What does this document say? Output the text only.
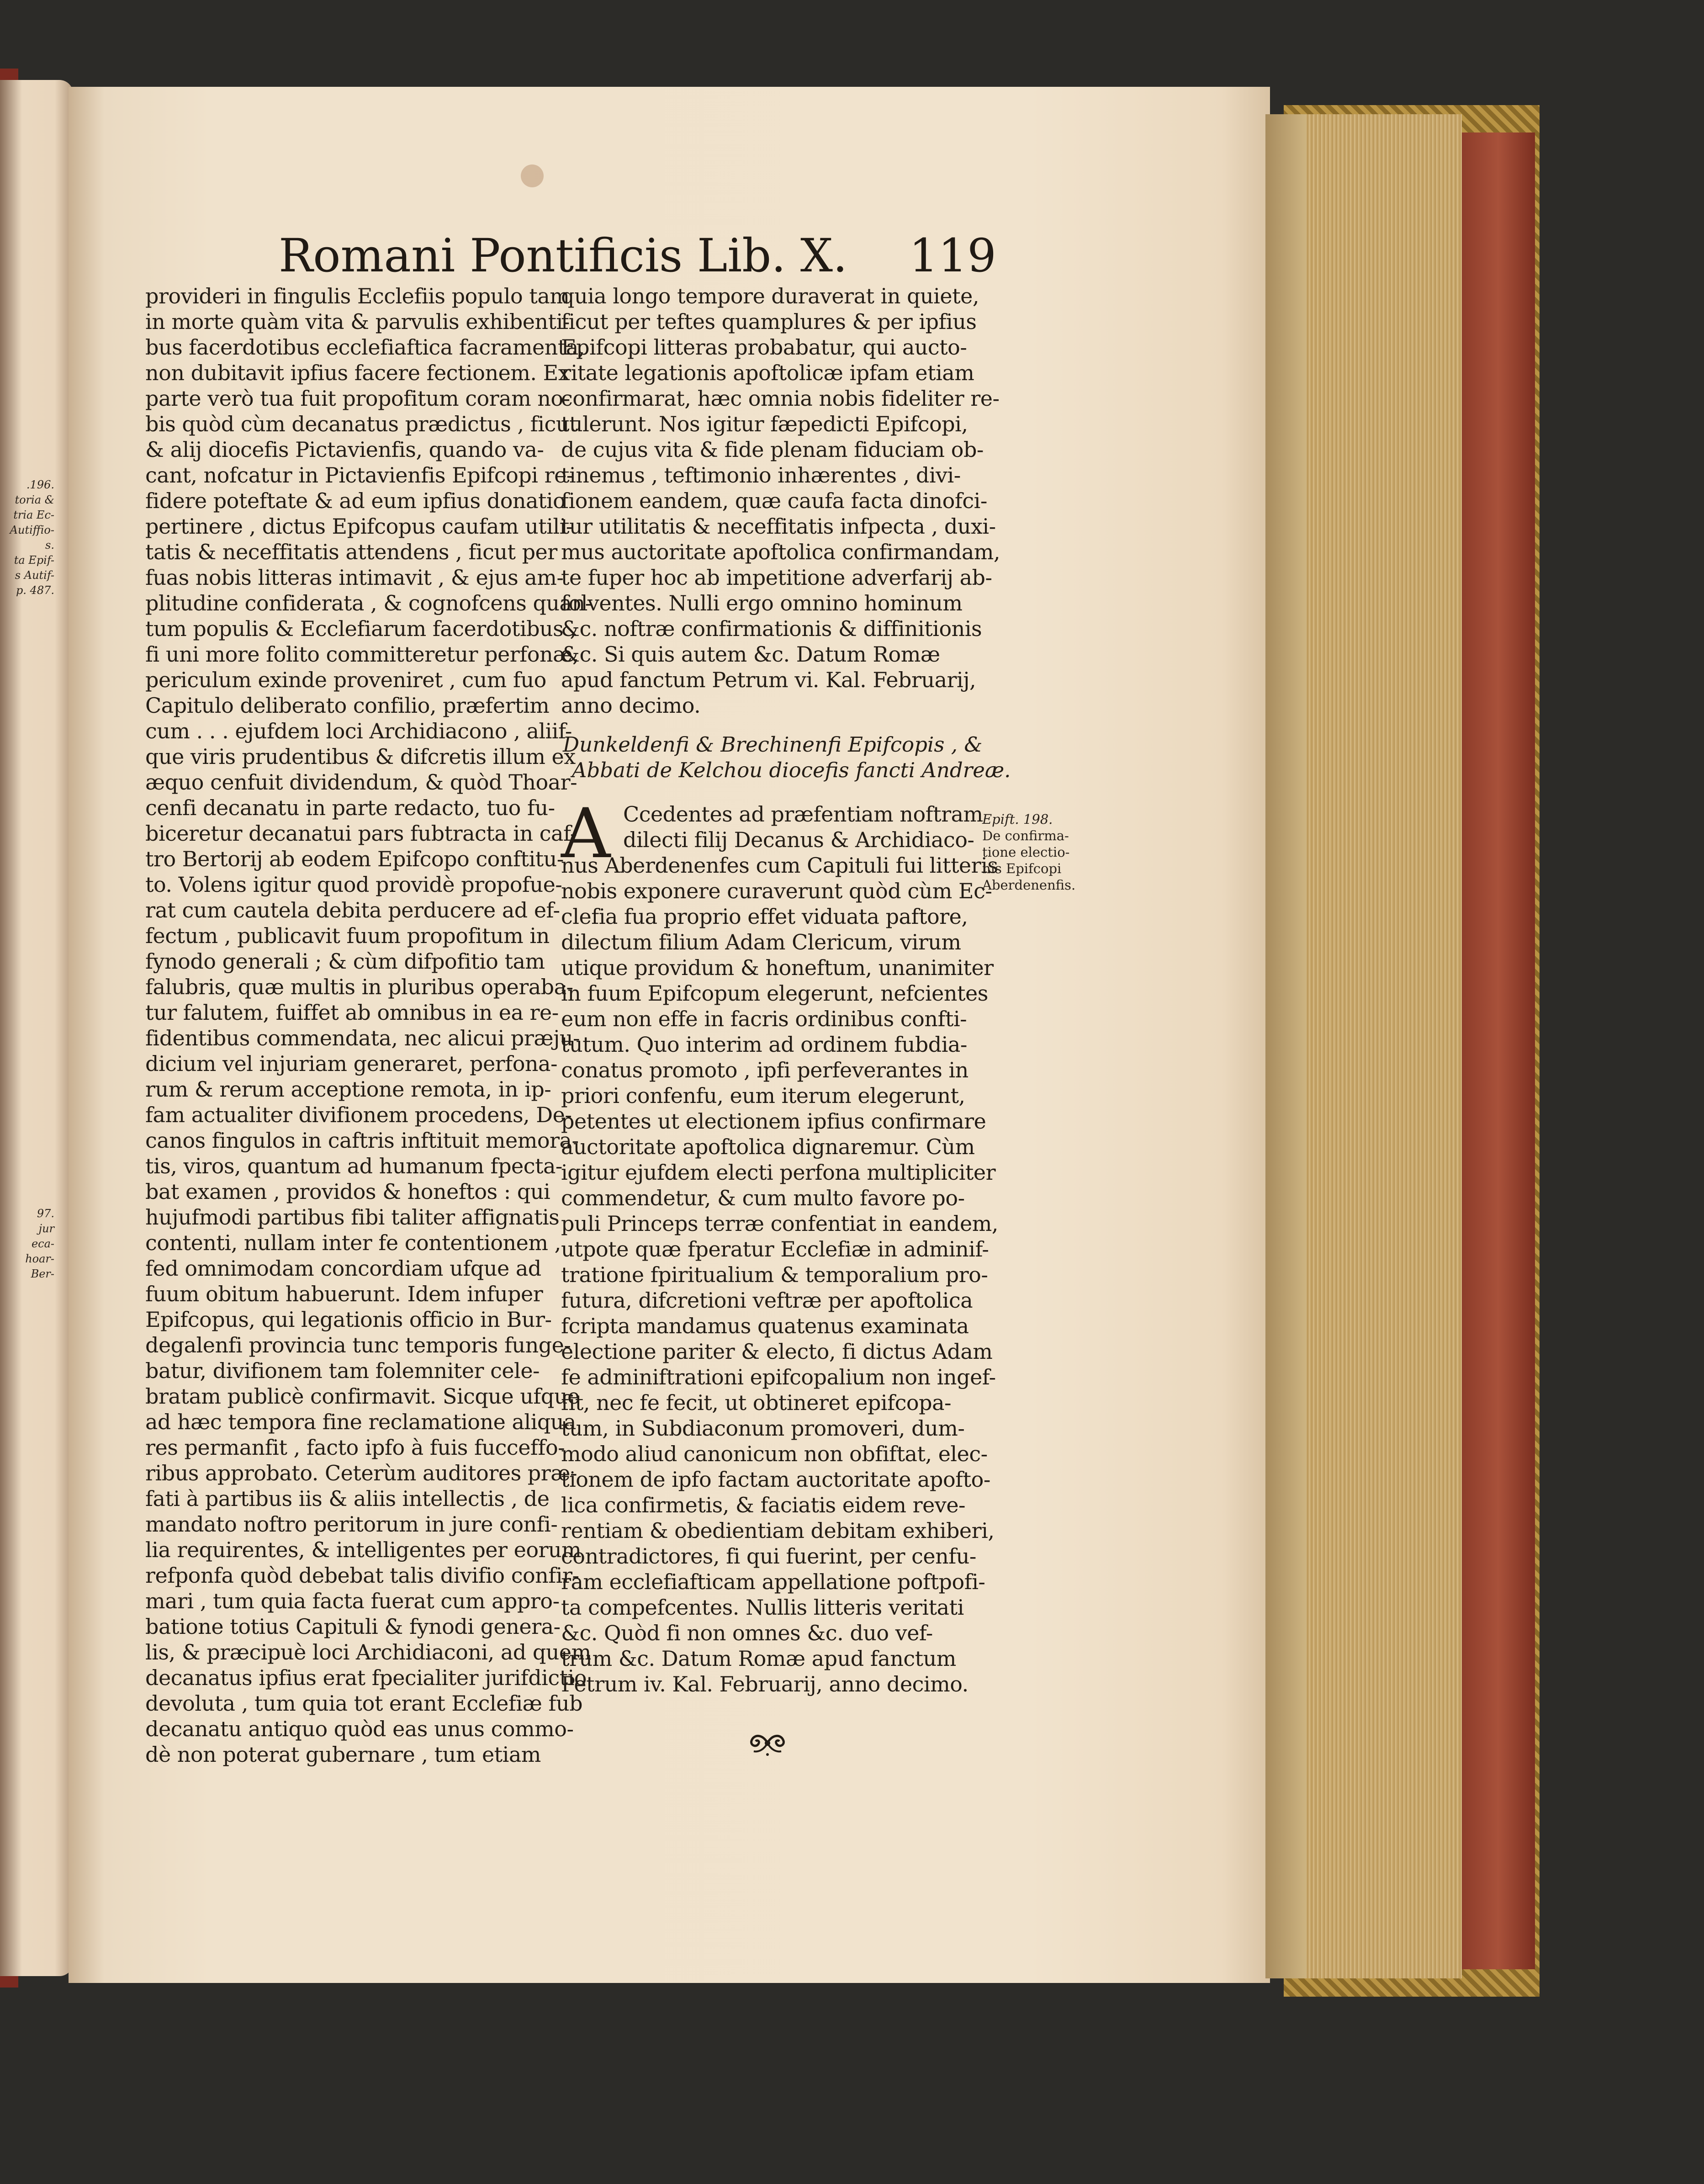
.196.
toria &
tria Ec-
Autiffio-
s.
ta Epif-
s Autif-
p. 487.
97.
jur
eca-
hoar-
Ber-
Romani Pontificis Lib. X. 119
provideri in fingulis Ecclefiis populo tam
in morte quàm vita & parvulis exhibenti-
bus facerdotibus ecclefiaftica facramenta,
non dubitavit ipfius facere fectionem. Ex
parte verò tua fuit propofitum coram no-
bis quòd cùm decanatus prædictus , ficut
& alij diocefis Pictavienfis, quando va-
cant, nofcatur in Pictavienfis Epifcopi re-
fidere poteftate & ad eum ipfius donatio
pertinere , dictus Epifcopus caufam utili-
tatis & neceffitatis attendens , ficut per
fuas nobis litteras intimavit , & ejus am-
plitudine confiderata , & cognofcens quan-
tum populis & Ecclefiarum facerdotibus ,
fi uni more folito committeretur perfonæ,
periculum exinde proveniret , cum fuo
Capitulo deliberato confilio, præfertim
cum . . . ejufdem loci Archidiacono , aliif-
que viris prudentibus & difcretis illum ex
æquo cenfuit dividendum, & quòd Thoar-
cenfi decanatu in parte redacto, tuo fu-
biceretur decanatui pars fubtracta in caf-
tro Bertorij ab eodem Epifcopo conftitu-
to. Volens igitur quod providè propofue-
rat cum cautela debita perducere ad ef-
fectum , publicavit fuum propofitum in
fynodo generali ; & cùm difpofitio tam
falubris, quæ multis in pluribus operaba-
tur falutem, fuiffet ab omnibus in ea re-
fidentibus commendata, nec alicui præju-
dicium vel injuriam generaret, perfona-
rum & rerum acceptione remota, in ip-
fam actualiter divifionem procedens, De-
canos fingulos in caftris inftituit memora-
tis, viros, quantum ad humanum fpecta-
bat examen , providos & honeftos : qui
hujufmodi partibus fibi taliter affignatis
contenti, nullam inter fe contentionem ,
fed omnimodam concordiam ufque ad
fuum obitum habuerunt. Idem infuper
Epifcopus, qui legationis officio in Bur-
degalenfi provincia tunc temporis funge-
batur, divifionem tam folemniter cele-
bratam publicè confirmavit. Sicque ufque
ad hæc tempora fine reclamatione aliqua
res permanfit , facto ipfo à fuis fucceffo-
ribus approbato. Ceterùm auditores præ-
fati à partibus iis & aliis intellectis , de
mandato noftro peritorum in jure confi-
lia requirentes, & intelligentes per eorum
refponfa quòd debebat talis divifio confir-
mari , tum quia facta fuerat cum appro-
batione totius Capituli & fynodi genera-
lis, & præcipuè loci Archidiaconi, ad quem
decanatus ipfius erat fpecialiter jurifdictio
devoluta , tum quia tot erant Ecclefiæ fub
decanatu antiquo quòd eas unus commo-
dè non poterat gubernare , tum etiam
quia longo tempore duraverat in quiete,
ficut per teftes quamplures & per ipfius
Epifcopi litteras probabatur, qui aucto-
ritate legationis apoftolicæ ipfam etiam
confirmarat, hæc omnia nobis fideliter re-
tulerunt. Nos igitur fæpedicti Epifcopi,
de cujus vita & fide plenam fiduciam ob-
tinemus , teftimonio inhærentes , divi-
fionem eandem, quæ caufa facta dinofci-
tur utilitatis & neceffitatis infpecta , duxi-
mus auctoritate apoftolica confirmandam,
te fuper hoc ab impetitione adverfarij ab-
folventes. Nulli ergo omnino hominum
&c. noftræ confirmationis & diffinitionis
&c. Si quis autem &c. Datum Romæ
apud fanctum Petrum vi. Kal. Februarij,
anno decimo.
Dunkeldenfi & Brechinenfi Epifcopis , &
Abbati de Kelchou diocefis fancti Andreæ.
A Ccedentes ad præfentiam noftram
dilecti filij Decanus & Archidiaco-
nus Aberdenenfes cum Capituli fui litteris
nobis exponere curaverunt quòd cùm Ec-
clefia fua proprio effet viduata paftore,
dilectum filium Adam Clericum, virum
utique providum & honeftum, unanimiter
in fuum Epifcopum elegerunt, nefcientes
eum non effe in facris ordinibus confti-
tutum. Quo interim ad ordinem fubdia-
conatus promoto , ipfi perfeverantes in
priori confenfu, eum iterum elegerunt,
petentes ut electionem ipfius confirmare
auctoritate apoftolica dignaremur. Cùm
igitur ejufdem electi perfona multipliciter
commendetur, & cum multo favore po-
puli Princeps terræ confentiat in eandem,
utpote quæ fperatur Ecclefiæ in adminif-
tratione fpiritualium & temporalium pro-
futura, difcretioni veftræ per apoftolica
fcripta mandamus quatenus examinata
electione pariter & electo, fi dictus Adam
fe adminiftrationi epifcopalium non ingef-
fit, nec fe fecit, ut obtineret epifcopa-
tum, in Subdiaconum promoveri, dum-
modo aliud canonicum non obfiftat, elec-
tionem de ipfo factam auctoritate apofto-
lica confirmetis, & faciatis eidem reve-
rentiam & obedientiam debitam exhiberi,
contradictores, fi qui fuerint, per cenfu-
ram ecclefiafticam appellatione poftpofi-
ta compefcentes. Nullis litteris veritati
&c. Quòd fi non omnes &c. duo vef-
trum &c. Datum Romæ apud fanctum
Petrum iv. Kal. Februarij, anno decimo.
Epift. 198.
De confirma-
tione electio-
nis Epifcopi
Aberdenenfis.
